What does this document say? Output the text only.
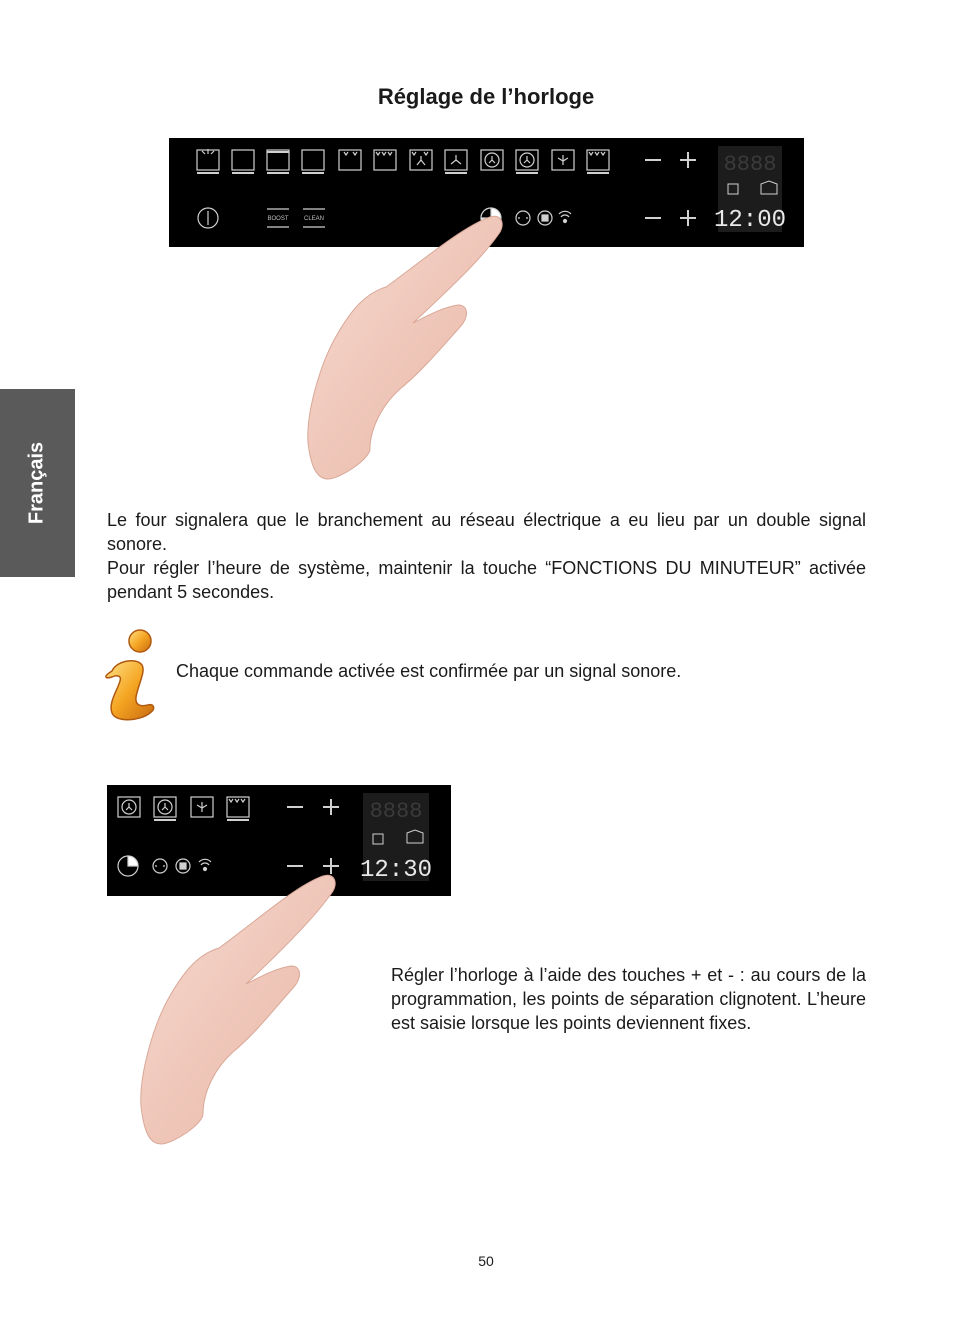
Réglage de l’horloge
Français
8888
12:00
BOOST	CLEAN

Le four signalera que le branchement au réseau électrique a eu lieu par un double signal sonore.

Pour régler l’heure de système, maintenir la touche “FONCTIONS DU MINUTEUR” activée pendant 5 secondes.

Chaque commande activée est confirmée par un signal sonore.
8888
12:30

Régler l’horloge à l’aide des touches + et - : au cours de la programmation, les points de séparation clignotent. L’heure est saisie lorsque les points deviennent fixes.

50
